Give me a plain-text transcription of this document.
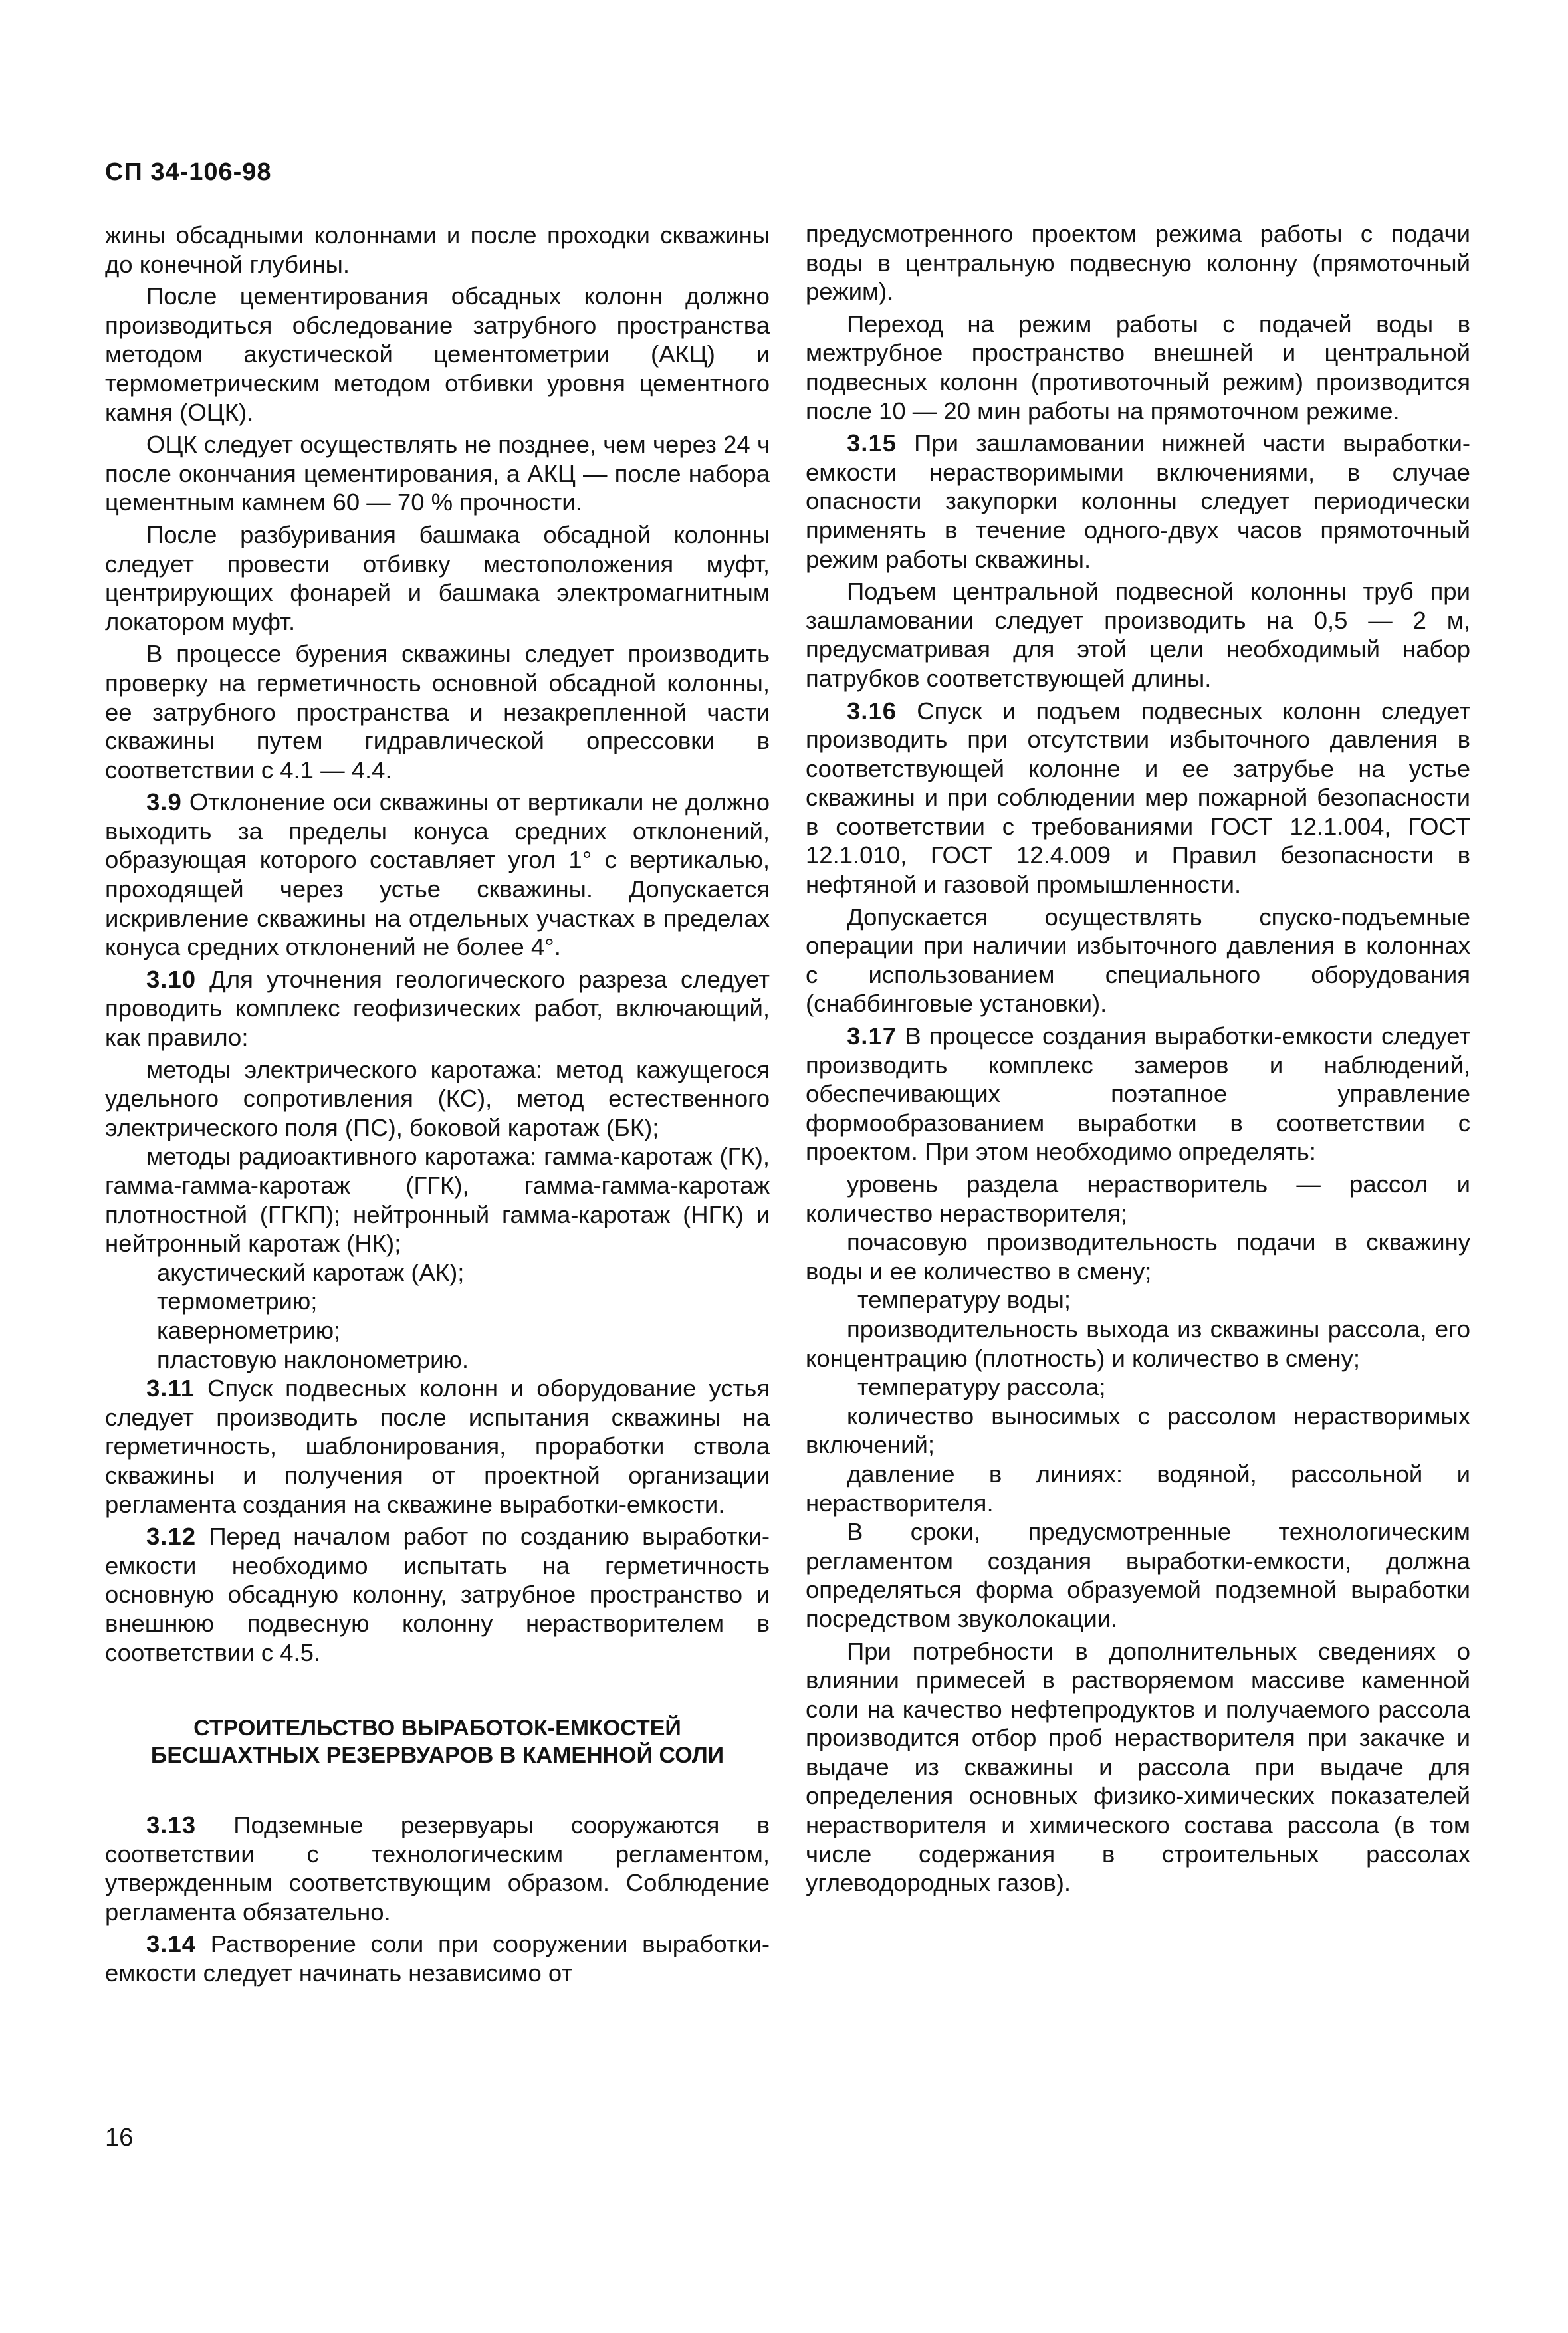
СП 34-106-98

жины обсадными колоннами и после проходки скважины до конечной глубины.

После цементирования обсадных колонн должно производиться обследование затрубного пространства методом акустической цементометрии (АКЦ) и термометрическим методом отбивки уровня цементного камня (ОЦК).

ОЦК следует осуществлять не позднее, чем через 24 ч после окончания цементирования, а АКЦ — после набора цементным камнем 60 — 70 % прочности.

После разбуривания башмака обсадной колонны следует провести отбивку местоположения муфт, центрирующих фонарей и башмака электромагнитным локатором муфт.

В процессе бурения скважины следует производить проверку на герметичность основной обсадной колонны, ее затрубного пространства и незакрепленной части скважины путем гидравлической опрессовки в соответствии с 4.1 — 4.4.

3.9 Отклонение оси скважины от вертикали не должно выходить за пределы конуса средних отклонений, образующая которого составляет угол 1° с вертикалью, проходящей через устье скважины. Допускается искривление скважины на отдельных участках в пределах конуса средних отклонений не более 4°.

3.10 Для уточнения геологического разреза следует проводить комплекс геофизических работ, включающий, как правило:

методы электрического каротажа: метод кажущегося удельного сопротивления (КС), метод естественного электрического поля (ПС), боковой каротаж (БК);

методы радиоактивного каротажа: гамма-каротаж (ГК), гамма-гамма-каротаж (ГГК), гамма-гамма-каротаж плотностной (ГГКП); нейтронный гамма-каротаж (НГК) и нейтронный каротаж (НК);

акустический каротаж (АК);

термометрию;

кавернометрию;

пластовую наклонометрию.

3.11 Спуск подвесных колонн и оборудование устья следует производить после испытания скважины на герметичность, шаблонирования, проработки ствола скважины и получения от проектной организации регламента создания на скважине выработки-емкости.

3.12 Перед началом работ по созданию выработки-емкости необходимо испытать на герметичность основную обсадную колонну, затрубное пространство и внешнюю подвесную колонну нерастворителем в соответствии с 4.5.

СТРОИТЕЛЬСТВО ВЫРАБОТОК-ЕМКОСТЕЙ
БЕСШАХТНЫХ РЕЗЕРВУАРОВ В КАМЕННОЙ СОЛИ

3.13 Подземные резервуары сооружаются в соответствии с технологическим регламентом, утвержденным соответствующим образом. Соблюдение регламента обязательно.

3.14 Растворение соли при сооружении выработки-емкости следует начинать независимо от

предусмотренного проектом режима работы с подачи воды в центральную подвесную колонну (прямоточный режим).

Переход на режим работы с подачей воды в межтрубное пространство внешней и центральной подвесных колонн (противоточный режим) производится после 10 — 20 мин работы на прямоточном режиме.

3.15 При зашламовании нижней части выработки-емкости нерастворимыми включениями, в случае опасности закупорки колонны следует периодически применять в течение одного-двух часов прямоточный режим работы скважины.

Подъем центральной подвесной колонны труб при зашламовании следует производить на 0,5 — 2 м, предусматривая для этой цели необходимый набор патрубков соответствующей длины.

3.16 Спуск и подъем подвесных колонн следует производить при отсутствии избыточного давления в соответствующей колонне и ее затрубье на устье скважины и при соблюдении мер пожарной безопасности в соответствии с требованиями ГОСТ 12.1.004, ГОСТ 12.1.010, ГОСТ 12.4.009 и Правил безопасности в нефтяной и газовой промышленности.

Допускается осуществлять спуско-подъемные операции при наличии избыточного давления в колоннах с использованием специального оборудования (снаббинговые установки).

3.17 В процессе создания выработки-емкости следует производить комплекс замеров и наблюдений, обеспечивающих поэтапное управление формообразованием выработки в соответствии с проектом. При этом необходимо определять:

уровень раздела нерастворитель — рассол и количество нерастворителя;

почасовую производительность подачи в скважину воды и ее количество в смену;

температуру воды;

производительность выхода из скважины рассола, его концентрацию (плотность) и количество в смену;

температуру рассола;

количество выносимых с рассолом нерастворимых включений;

давление в линиях: водяной, рассольной и нерастворителя.

В сроки, предусмотренные технологическим регламентом создания выработки-емкости, должна определяться форма образуемой подземной выработки посредством звуколокации.

При потребности в дополнительных сведениях о влиянии примесей в растворяемом массиве каменной соли на качество нефтепродуктов и получаемого рассола производится отбор проб нерастворителя при закачке и выдаче из скважины и рассола при выдаче для определения основных физико-химических показателей нерастворителя и химического состава рассола (в том числе содержания в строительных рассолах углеводородных газов).

16
